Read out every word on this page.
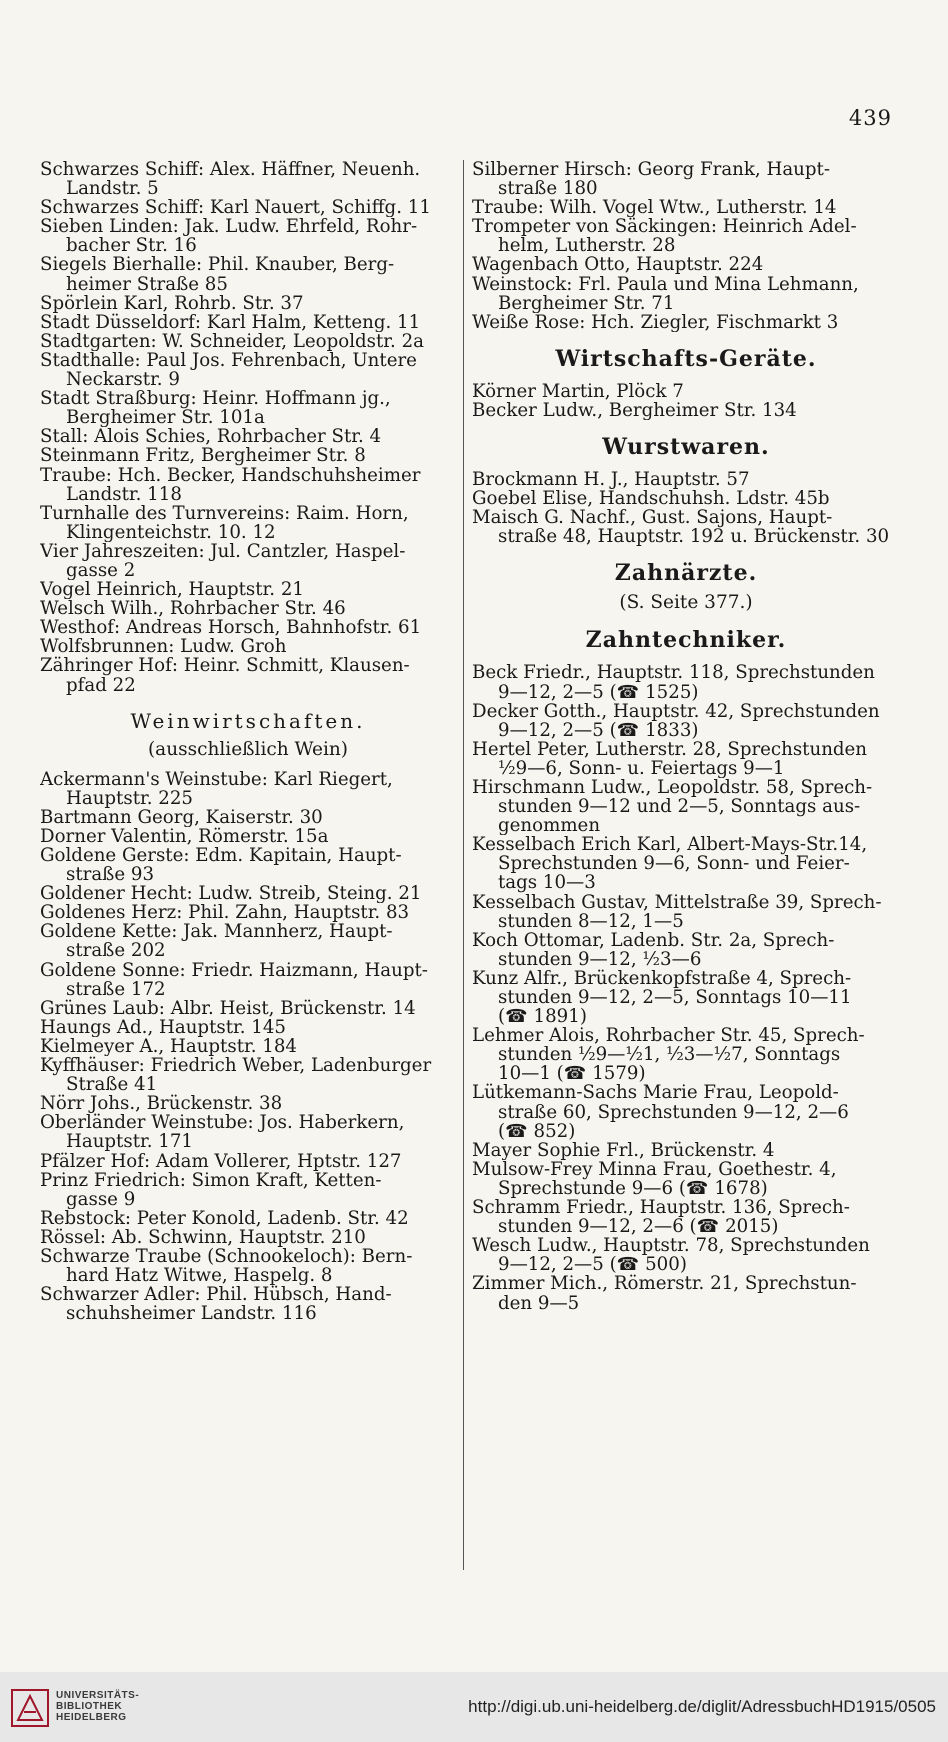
439
Schwarzes Schiff: Alex. Häffner, Neuenh.
Landstr. 5
Schwarzes Schiff: Karl Nauert, Schiffg. 11
Sieben Linden: Jak. Ludw. Ehrfeld, Rohr-
bacher Str. 16
Siegels Bierhalle: Phil. Knauber, Berg-
heimer Straße 85
Spörlein Karl, Rohrb. Str. 37
Stadt Düsseldorf: Karl Halm, Ketteng. 11
Stadtgarten: W. Schneider, Leopoldstr. 2a
Stadthalle: Paul Jos. Fehrenbach, Untere
Neckarstr. 9
Stadt Straßburg: Heinr. Hoffmann jg.,
Bergheimer Str. 101a
Stall: Alois Schies, Rohrbacher Str. 4
Steinmann Fritz, Bergheimer Str. 8
Traube: Hch. Becker, Handschuhsheimer
Landstr. 118
Turnhalle des Turnvereins: Raim. Horn,
Klingenteichstr. 10. 12
Vier Jahreszeiten: Jul. Cantzler, Haspel-
gasse 2
Vogel Heinrich, Hauptstr. 21
Welsch Wilh., Rohrbacher Str. 46
Westhof: Andreas Horsch, Bahnhofstr. 61
Wolfsbrunnen: Ludw. Groh
Zähringer Hof: Heinr. Schmitt, Klausen-
pfad 22
Weinwirtschaften.
(ausschließlich Wein)
Ackermann's Weinstube: Karl Riegert,
Hauptstr. 225
Bartmann Georg, Kaiserstr. 30
Dorner Valentin, Römerstr. 15a
Goldene Gerste: Edm. Kapitain, Haupt-
straße 93
Goldener Hecht: Ludw. Streib, Steing. 21
Goldenes Herz: Phil. Zahn, Hauptstr. 83
Goldene Kette: Jak. Mannherz, Haupt-
straße 202
Goldene Sonne: Friedr. Haizmann, Haupt-
straße 172
Grünes Laub: Albr. Heist, Brückenstr. 14
Haungs Ad., Hauptstr. 145
Kielmeyer A., Hauptstr. 184
Kyffhäuser: Friedrich Weber, Ladenburger
Straße 41
Nörr Johs., Brückenstr. 38
Oberländer Weinstube: Jos. Haberkern,
Hauptstr. 171
Pfälzer Hof: Adam Vollerer, Hptstr. 127
Prinz Friedrich: Simon Kraft, Ketten-
gasse 9
Rebstock: Peter Konold, Ladenb. Str. 42
Rössel: Ab. Schwinn, Hauptstr. 210
Schwarze Traube (Schnookeloch): Bern-
hard Hatz Witwe, Haspelg. 8
Schwarzer Adler: Phil. Hübsch, Hand-
schuhsheimer Landstr. 116
Silberner Hirsch: Georg Frank, Haupt-
straße 180
Traube: Wilh. Vogel Wtw., Lutherstr. 14
Trompeter von Säckingen: Heinrich Adel-
helm, Lutherstr. 28
Wagenbach Otto, Hauptstr. 224
Weinstock: Frl. Paula und Mina Lehmann,
Bergheimer Str. 71
Weiße Rose: Hch. Ziegler, Fischmarkt 3
Wirtschafts-Geräte.
Körner Martin, Plöck 7
Becker Ludw., Bergheimer Str. 134
Wurstwaren.
Brockmann H. J., Hauptstr. 57
Goebel Elise, Handschuhsh. Ldstr. 45b
Maisch G. Nachf., Gust. Sajons, Haupt-
straße 48, Hauptstr. 192 u. Brückenstr. 30
Zahnärzte.
(S. Seite 377.)
Zahntechniker.
Beck Friedr., Hauptstr. 118, Sprechstunden
9—12, 2—5 (☎ 1525)
Decker Gotth., Hauptstr. 42, Sprechstunden
9—12, 2—5 (☎ 1833)
Hertel Peter, Lutherstr. 28, Sprechstunden
½9—6, Sonn- u. Feiertags 9—1
Hirschmann Ludw., Leopoldstr. 58, Sprech-
stunden 9—12 und 2—5, Sonntags aus-
genommen
Kesselbach Erich Karl, Albert-Mays-Str.14,
Sprechstunden 9—6, Sonn- und Feier-
tags 10—3
Kesselbach Gustav, Mittelstraße 39, Sprech-
stunden 8—12, 1—5
Koch Ottomar, Ladenb. Str. 2a, Sprech-
stunden 9—12, ½3—6
Kunz Alfr., Brückenkopfstraße 4, Sprech-
stunden 9—12, 2—5, Sonntags 10—11
(☎ 1891)
Lehmer Alois, Rohrbacher Str. 45, Sprech-
stunden ½9—½1, ½3—½7, Sonntags
10—1 (☎ 1579)
Lütkemann-Sachs Marie Frau, Leopold-
straße 60, Sprechstunden 9—12, 2—6
(☎ 852)
Mayer Sophie Frl., Brückenstr. 4
Mulsow-Frey Minna Frau, Goethestr. 4,
Sprechstunde 9—6 (☎ 1678)
Schramm Friedr., Hauptstr. 136, Sprech-
stunden 9—12, 2—6 (☎ 2015)
Wesch Ludw., Hauptstr. 78, Sprechstunden
9—12, 2—5 (☎ 500)
Zimmer Mich., Römerstr. 21, Sprechstun-
den 9—5
UNIVERSITÄTS-
BIBLIOTHEK
HEIDELBERG
http://digi.ub.uni-heidelberg.de/diglit/AdressbuchHD1915/0505
